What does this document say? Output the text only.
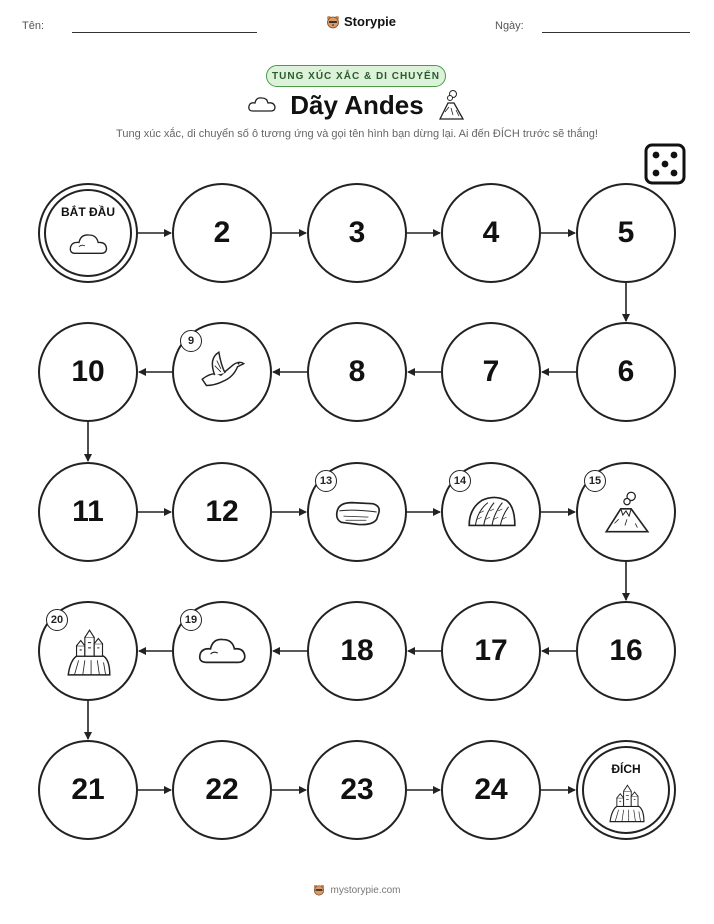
Tên:	Storypie	Ngày:
TUNG XÚC XẮC & DI CHUYỂN
Dãy Andes
Tung xúc xắc, di chuyển số ô tương ứng và gọi tên hình bạn dừng lại. Ai đến ĐÍCH trước sẽ thắng!
BẮT ĐẦU
2	3	4	5
6
7
8
9
10
11	12
13	14	15
16
17
18
19
20
21	22	23	24
ĐÍCH
mystorypie.com
